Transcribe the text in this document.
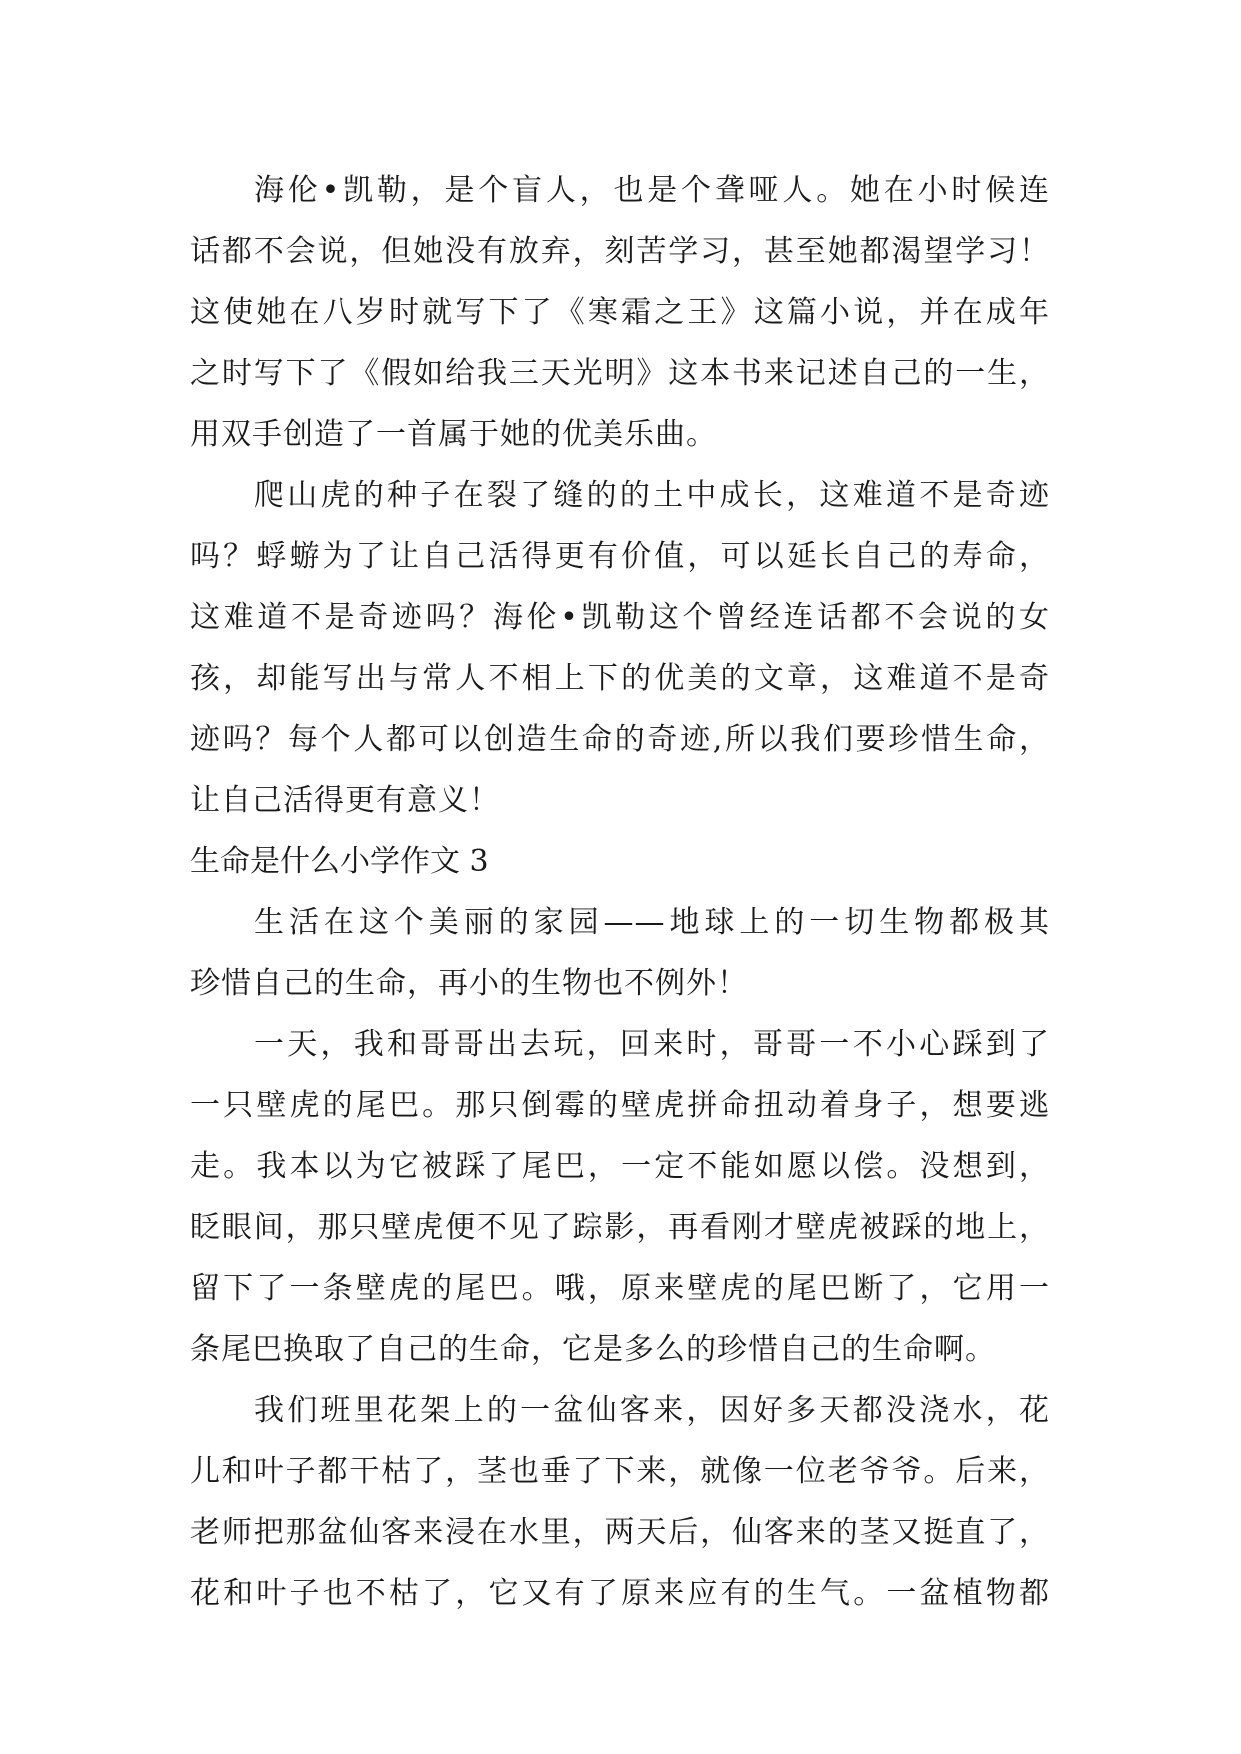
海伦•凯勒，是个盲人，也是个聋哑人。她在小时候连
话都不会说，但她没有放弃，刻苦学习，甚至她都渴望学习！
这使她在八岁时就写下了《寒霜之王》这篇小说，并在成年
之时写下了《假如给我三天光明》这本书来记述自己的一生，
用双手创造了一首属于她的优美乐曲。
爬山虎的种子在裂了缝的的土中成长，这难道不是奇迹
吗？蜉蝣为了让自己活得更有价值，可以延长自己的寿命，
这难道不是奇迹吗？海伦•凯勒这个曾经连话都不会说的女
孩，却能写出与常人不相上下的优美的文章，这难道不是奇
迹吗？每个人都可以创造生命的奇迹,所以我们要珍惜生命，
让自己活得更有意义！
生命是什么小学作文 3
生活在这个美丽的家园——地球上的一切生物都极其
珍惜自己的生命，再小的生物也不例外！
一天，我和哥哥出去玩，回来时，哥哥一不小心踩到了
一只壁虎的尾巴。那只倒霉的壁虎拼命扭动着身子，想要逃
走。我本以为它被踩了尾巴，一定不能如愿以偿。没想到，
眨眼间，那只壁虎便不见了踪影，再看刚才壁虎被踩的地上，
留下了一条壁虎的尾巴。哦，原来壁虎的尾巴断了，它用一
条尾巴换取了自己的生命，它是多么的珍惜自己的生命啊。
我们班里花架上的一盆仙客来，因好多天都没浇水，花
儿和叶子都干枯了，茎也垂了下来，就像一位老爷爷。后来，
老师把那盆仙客来浸在水里，两天后，仙客来的茎又挺直了，
花和叶子也不枯了，它又有了原来应有的生气。一盆植物都
